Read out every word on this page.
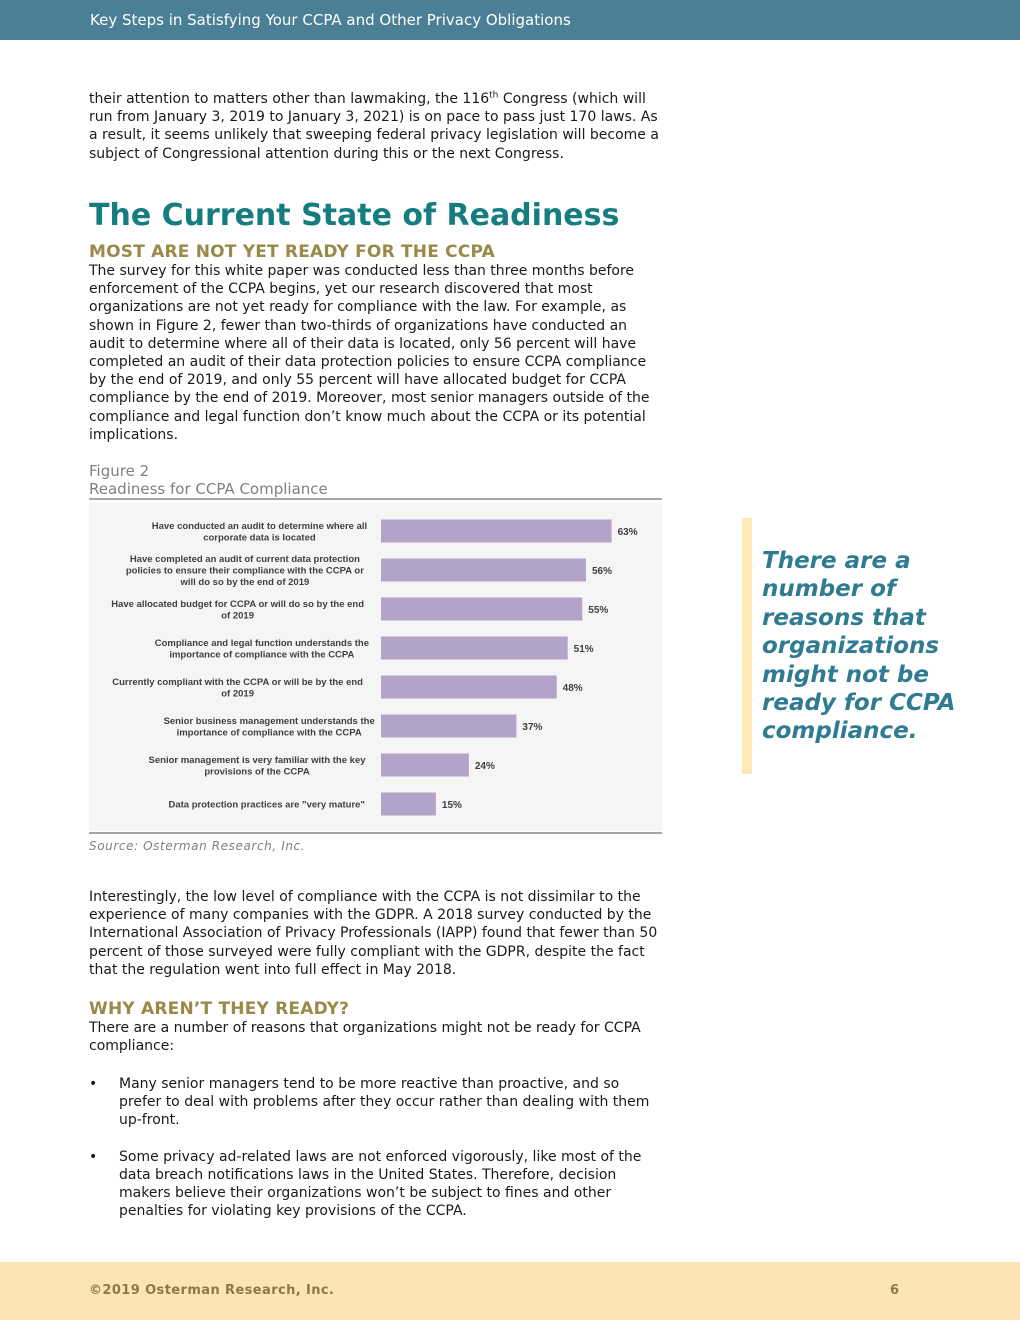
Key Steps in Satisfying Your CCPA and Other Privacy Obligations

their attention to matters other than lawmaking, the 116th Congress (which will run from January 3, 2019 to January 3, 2021) is on pace to pass just 170 laws. As a result, it seems unlikely that sweeping federal privacy legislation will become a subject of Congressional attention during this or the next Congress.

The Current State of Readiness
MOST ARE NOT YET READY FOR THE CCPA

The survey for this white paper was conducted less than three months before enforcement of the CCPA begins, yet our research discovered that most organizations are not yet ready for compliance with the law. For example, as shown in Figure 2, fewer than two-thirds of organizations have conducted an audit to determine where all of their data is located, only 56 percent will have completed an audit of their data protection policies to ensure CCPA compliance by the end of 2019, and only 55 percent will have allocated budget for CCPA compliance by the end of 2019. Moreover, most senior managers outside of the compliance and legal function don’t know much about the CCPA or its potential implications.

Figure 2
Readiness for CCPA Compliance
63%
Have conducted an audit to determine where all corporate data is located
56%
Have completed an audit of current data protection policies to ensure their compliance with the CCPA or will do so by the end of 2019
55%
Have allocated budget for CCPA or will do so by the end of 2019
51%
Compliance and legal function understands the importance of compliance with the CCPA
48%
Currently compliant with the CCPA or will be by the end of 2019
37%
Senior business management understands the importance of compliance with the CCPA
24%
Senior management is very familiar with the key provisions of the CCPA
15%
Data protection practices are "very mature"
Source: Osterman Research, Inc.
There are a number of reasons that organizations might not be ready for CCPA compliance.

Interestingly, the low level of compliance with the CCPA is not dissimilar to the experience of many companies with the GDPR. A 2018 survey conducted by the International Association of Privacy Professionals (IAPP) found that fewer than 50 percent of those surveyed were fully compliant with the GDPR, despite the fact that the regulation went into full effect in May 2018.

WHY AREN’T THEY READY?

There are a number of reasons that organizations might not be ready for CCPA compliance:

• Many senior managers tend to be more reactive than proactive, and so prefer to deal with problems after they occur rather than dealing with them up-front.
• Some privacy ad-related laws are not enforced vigorously, like most of the data breach notifications laws in the United States. Therefore, decision makers believe their organizations won’t be subject to fines and other penalties for violating key provisions of the CCPA.
©2019 Osterman Research, Inc.	6
